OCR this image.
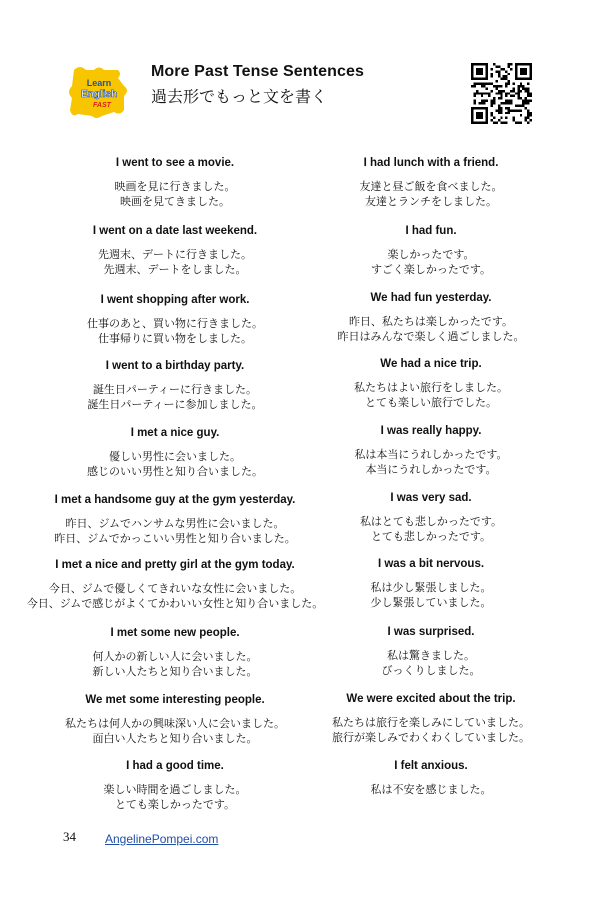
Learn
English
FAST
More Past Tense Sentences
過去形でもっと文を書く
I went to see a movie.
映画を見に行きました。
映画を見てきました。
I went on a date last weekend.
先週末、デートに行きました。
先週末、デートをしました。
I went shopping after work.
仕事のあと、買い物に行きました。
仕事帰りに買い物をしました。
I went to a birthday party.
誕生日パーティーに行きました。
誕生日パーティーに参加しました。
I met a nice guy.
優しい男性に会いました。
感じのいい男性と知り合いました。
I met a handsome guy at the gym yesterday.
昨日、ジムでハンサムな男性に会いました。
昨日、ジムでかっこいい男性と知り合いました。
I met a nice and pretty girl at the gym today.
今日、ジムで優しくてきれいな女性に会いました。
今日、ジムで感じがよくてかわいい女性と知り合いました。
I met some new people.
何人かの新しい人に会いました。
新しい人たちと知り合いました。
We met some interesting people.
私たちは何人かの興味深い人に会いました。
面白い人たちと知り合いました。
I had a good time.
楽しい時間を過ごしました。
とても楽しかったです。
I had lunch with a friend.
友達と昼ご飯を食べました。
友達とランチをしました。
I had fun.
楽しかったです。
すごく楽しかったです。
We had fun yesterday.
昨日、私たちは楽しかったです。
昨日はみんなで楽しく過ごしました。
We had a nice trip.
私たちはよい旅行をしました。
とても楽しい旅行でした。
I was really happy.
私は本当にうれしかったです。
本当にうれしかったです。
I was very sad.
私はとても悲しかったです。
とても悲しかったです。
I was a bit nervous.
私は少し緊張しました。
少し緊張していました。
I was surprised.
私は驚きました。
びっくりしました。
We were excited about the trip.
私たちは旅行を楽しみにしていました。
旅行が楽しみでわくわくしていました。
I felt anxious.
私は不安を感じました。
34 AngelinePompei.com
